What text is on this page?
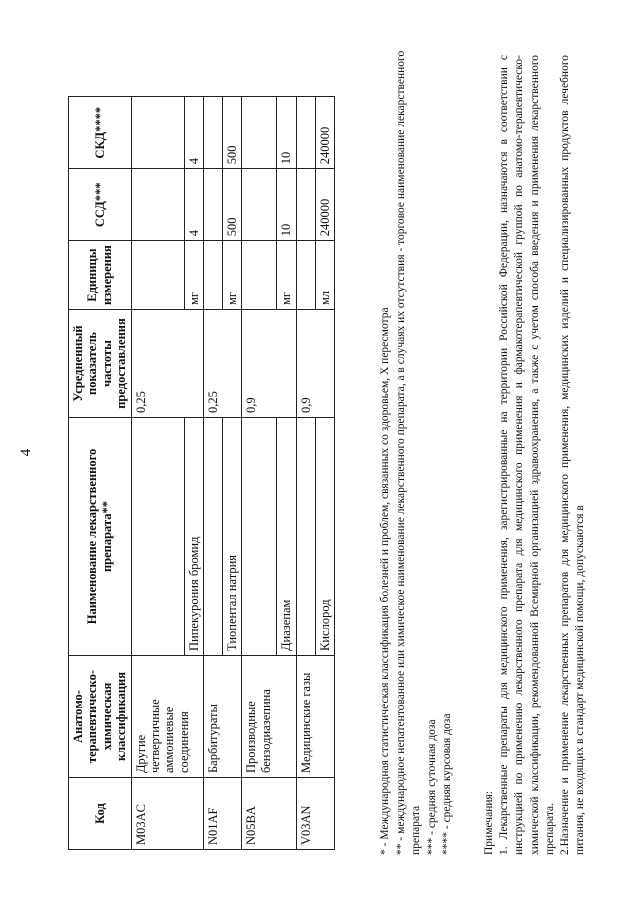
4
Код	Анатомо-терапевтическо-химическая классификация	Наименование лекарственного препарата**	Усредненный показатель частоты предоставления	Единицы измерения	ССД***	СКД****
M03AC	Другие четвертичные аммониевые соединения		0,25			
		Пипекурония бромид		мг	4	4
N01AF	Барбитураты		0,25			
		Тиопентал натрия		мг	500	500
N05BA	Производные бензодиазепина		0,9			
		Диазепам		мг	10	10
V03AN	Медицинские газы		0,9			
		Кислород		мл	240000	240000

* - Международная статистическая классификация болезней и проблем, связанных со здоровьем, X пересмотра ** - международное непатентованное или химическое наименование лекарственного препарата, а в случаях их отсутствия - торговое наименование лекарственного препарата *** - средняя суточная доза **** - средняя курсовая доза	Примечания: 1. Лекарственные препараты для медицинского применения, зарегистрированные на территории Российской Федерации, назначаются в соответствии с инструкцией по применению лекарственного препарата для медицинского применения и фармакотерапевтической группой по анатомо-терапевтическо-химической классификации, рекомендованной Всемирной организацией здравоохранения, а также с учетом способа введения и применения лекарственного препарата. 2.Назначение и применение лекарственных препаратов для медицинского применения, медицинских изделий и специализированных продуктов лечебного питания, не входящих в стандарт медицинской помощи, допускаются в
